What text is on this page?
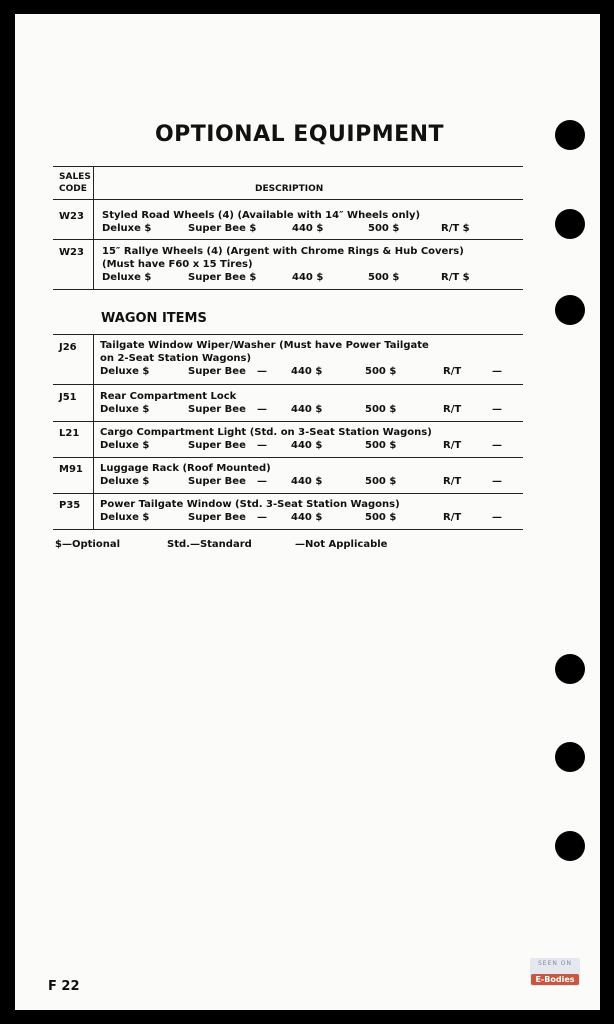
OPTIONAL EQUIPMENT
SALES
CODE	DESCRIPTION
W23 Styled Road Wheels (4) (Available with 14″ Wheels only)
Deluxe $	Super Bee $	440 $	500 $	R/T $
W23 15″ Rallye Wheels (4) (Argent with Chrome Rings & Hub Covers)
(Must have F60 x 15 Tires)
Deluxe $	Super Bee $	440 $	500 $	R/T $
WAGON ITEMS
J26 Tailgate Window Wiper/Washer (Must have Power Tailgate
on 2-Seat Station Wagons)
Deluxe $	Super Bee — 440 $	500 $	R/T	—
J51 Rear Compartment Lock
Deluxe $	Super Bee — 440 $	500 $	R/T	—
L21 Cargo Compartment Light (Std. on 3-Seat Station Wagons)
Deluxe $	Super Bee — 440 $	500 $	R/T	—
M91 Luggage Rack (Roof Mounted)
Deluxe $	Super Bee — 440 $	500 $	R/T	—
P35 Power Tailgate Window (Std. 3-Seat Station Wagons)
Deluxe $	Super Bee — 440 $	500 $	R/T	—
$—Optional	Std.—Standard	—Not Applicable
F 22
SEEN ON
E-Bodies
